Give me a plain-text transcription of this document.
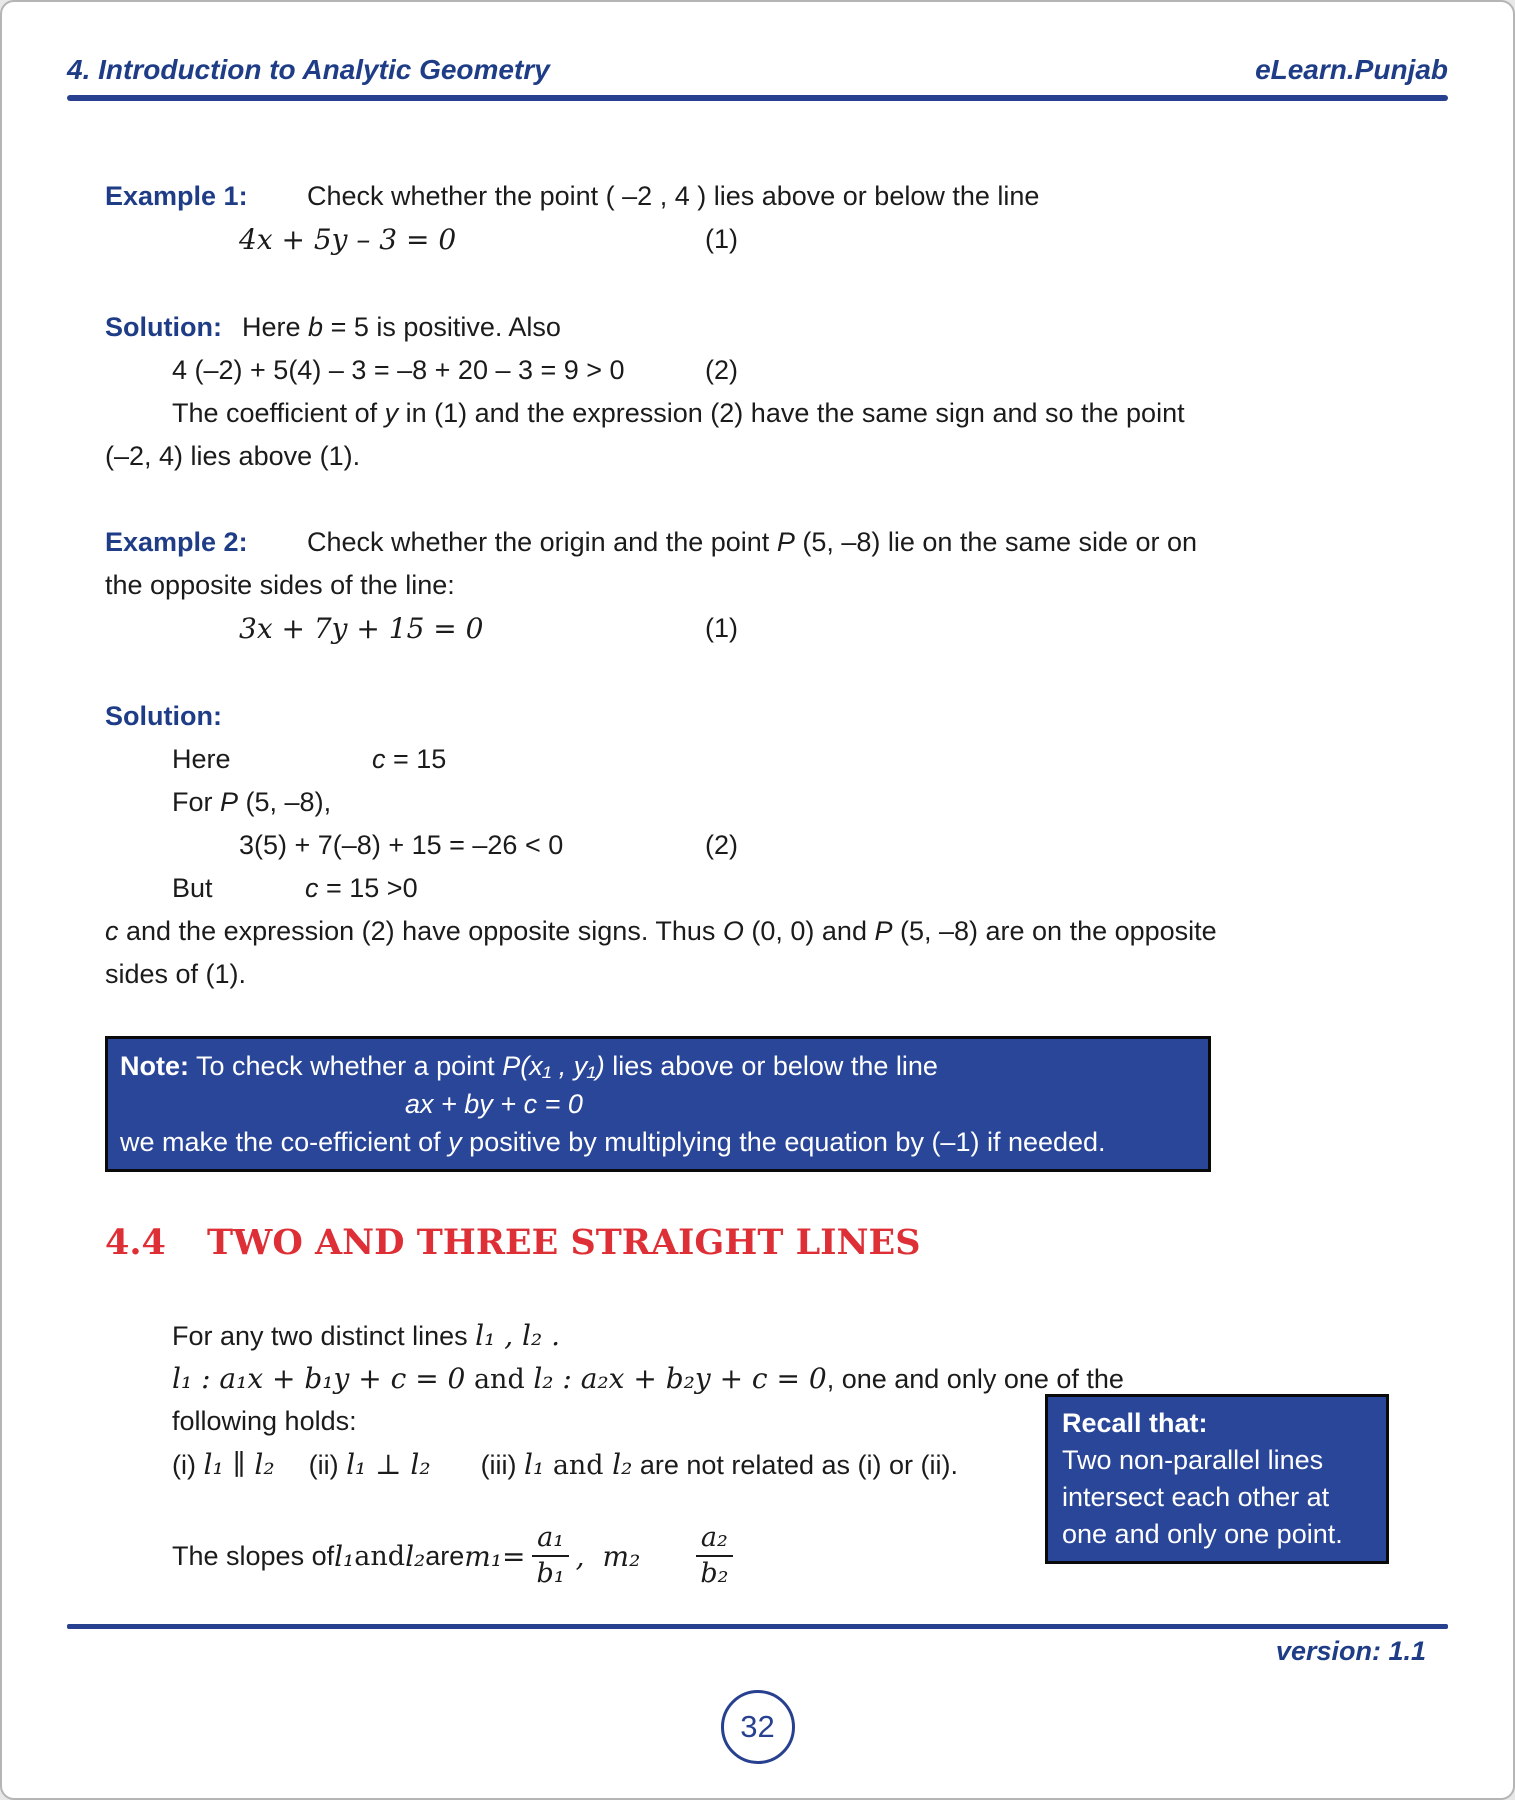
4. Introduction to Analytic Geometry	eLearn.Punjab
Example 1: Check whether the point ( –2 , 4 ) lies above or below the line
4x + 5y – 3 = 0	(1)
Solution: Here b = 5 is positive. Also
4 (–2) + 5(4) – 3 = –8 + 20 – 3 = 9 > 0	(2)
The coefficient of y in (1) and the expression (2) have the same sign and so the point
(–2, 4) lies above (1).
Example 2: Check whether the origin and the point P (5, –8) lie on the same side or on
the opposite sides of the line:
3x + 7y + 15 = 0	(1)
Solution:
Here	c = 15
For P (5, –8),
3(5) + 7(–8) + 15 = –26 < 0	(2)
But	c = 15 >0
c and the expression (2) have opposite signs. Thus O (0, 0) and P (5, –8) are on the opposite
sides of (1).
Note: To check whether a point P(x₁ , y₁) lies above or below the line
ax + by + c = 0
we make the co-efficient of y positive by multiplying the equation by (–1) if needed.
4.4 TWO AND THREE STRAIGHT LINES
For any two distinct lines l₁ , l₂ .
l₁ : a₁x + b₁y + c = 0 and l₂ : a₂x + b₂y + c = 0, one and only one of the
following holds:
(i) l₁ ∥ l₂ (ii) l₁ ⊥ l₂ (iii) l₁ and l₂ are not related as (i) or (ii).
The slopes of l₁ and l₂ are $m_1= \frac{\text{a₁}}{\text{b₁}}$ , $m_2 \frac{\text{a₂}}{\text{b₂}}$
Recall that:
Two non-parallel lines
intersect each other at
one and only one point.
version: 1.1
32
